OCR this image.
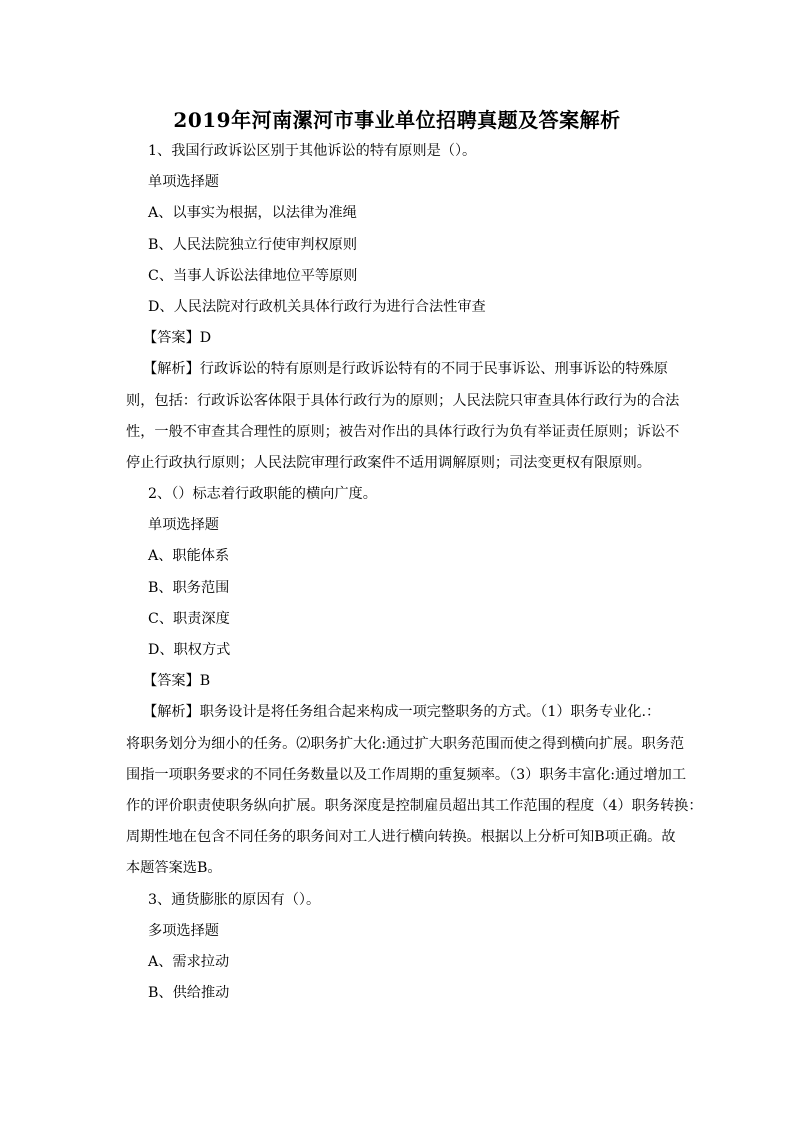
2019年河南漯河市事业单位招聘真题及答案解析
1、我国行政诉讼区别于其他诉讼的特有原则是（）。
单项选择题
A、以事实为根据，以法律为准绳
B、人民法院独立行使审判权原则
C、当事人诉讼法律地位平等原则
D、人民法院对行政机关具体行政行为进行合法性审查
【答案】D
【解析】行政诉讼的特有原则是行政诉讼特有的不同于民事诉讼、刑事诉讼的特殊原
则，包括：行政诉讼客体限于具体行政行为的原则；人民法院只审查具体行政行为的合法
性，一般不审查其合理性的原则；被告对作出的具体行政行为负有举证责任原则；诉讼不
停止行政执行原则；人民法院审理行政案件不适用调解原则；司法变更权有限原则。
2、（）标志着行政职能的横向广度。
单项选择题
A、职能体系
B、职务范围
C、职责深度
D、职权方式
【答案】B
【解析】职务设计是将任务组合起来构成一项完整职务的方式。（1）职务专业化.：
将职务划分为细小的任务。⑵职务扩大化:通过扩大职务范围而使之得到横向扩展。职务范
围指一项职务要求的不同任务数量以及工作周期的重复频率。（3）职务丰富化:通过增加工
作的评价职责使职务纵向扩展。职务深度是控制雇员超出其工作范围的程度（4）职务转换：
周期性地在包含不同任务的职务间对工人进行横向转换。根据以上分析可知B项正确。故
本题答案选B。
3、通货膨胀的原因有（）。
多项选择题
A、需求拉动
B、供给推动
